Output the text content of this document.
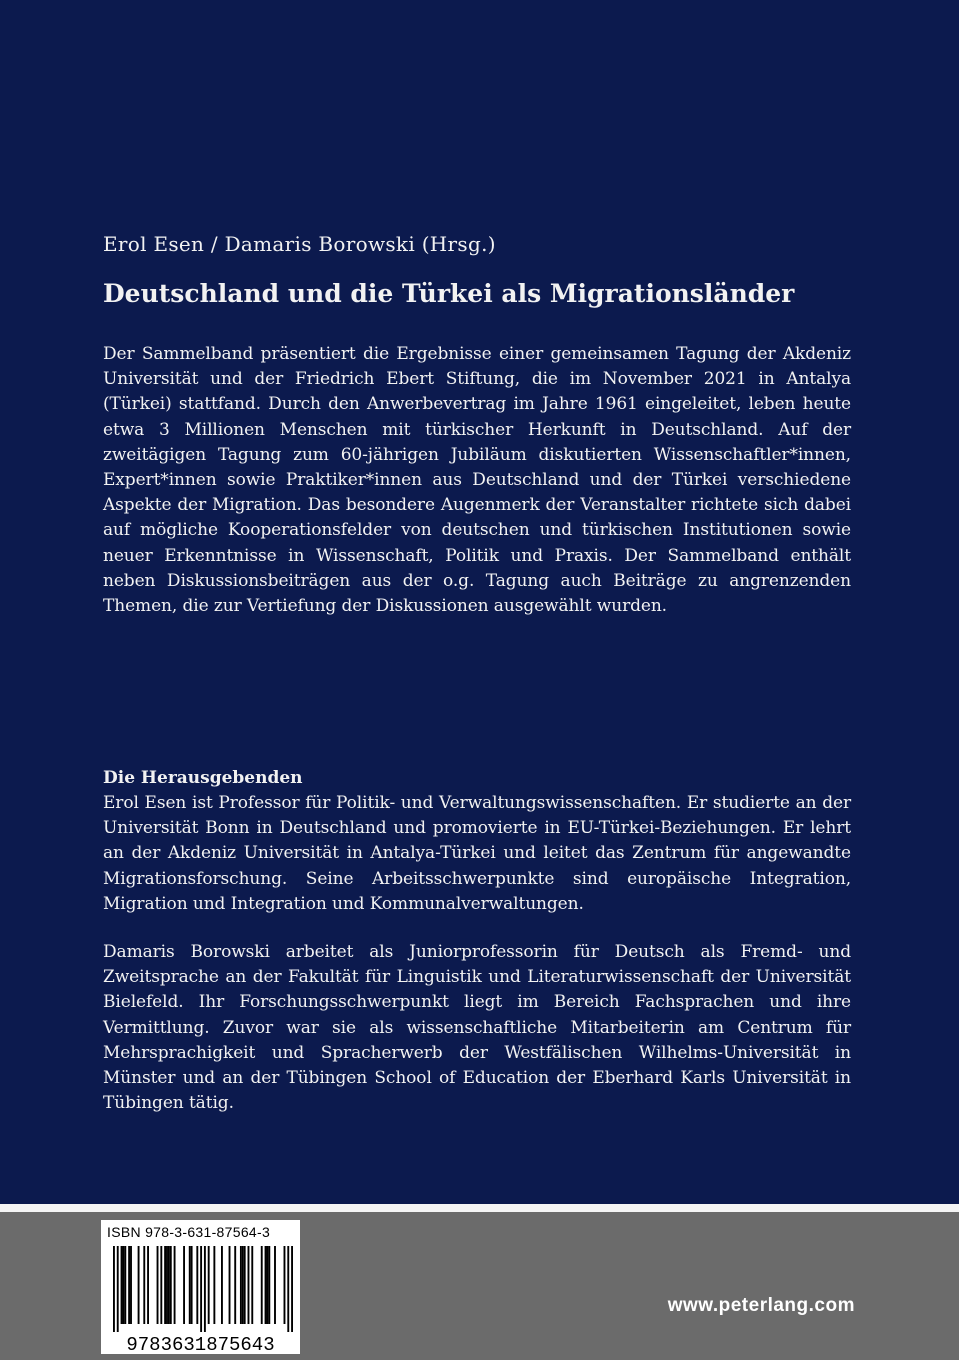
Erol Esen / Damaris Borowski (Hrsg.)
Deutschland und die Türkei als Migrationsländer
Der Sammelband präsentiert die Ergebnisse einer gemeinsamen Tagung der Akdeniz Universität und der Friedrich Ebert Stiftung, die im November 2021 in Antalya (Türkei) stattfand. Durch den Anwerbevertrag im Jahre 1961 eingeleitet, leben heute etwa 3 Millionen Menschen mit türkischer Herkunft in Deutschland. Auf der zweitägigen Tagung zum 60-jährigen Jubiläum diskutierten Wissenschaftler*innen, Expert*innen sowie Praktiker*innen aus Deutschland und der Türkei verschiedene Aspekte der Migration. Das besondere Augenmerk der Veranstalter richtete sich dabei auf mögliche Kooperationsfelder von deutschen und türkischen Institutionen sowie neuer Erkenntnisse in Wissenschaft, Politik und Praxis. Der Sammelband enthält neben Diskussionsbeiträgen aus der o.g. Tagung auch Beiträge zu angrenzenden Themen, die zur Vertiefung der Diskussionen ausgewählt wurden.
Die Herausgebenden
Erol Esen ist Professor für Politik- und Verwaltungswissenschaften. Er studierte an der Universität Bonn in Deutschland und promovierte in EU-Türkei-Beziehungen. Er lehrt an der Akdeniz Universität in Antalya-Türkei und leitet das Zentrum für angewandte Migrationsforschung. Seine Arbeitsschwerpunkte sind europäische Integration, Migration und Integration und Kommunalverwaltungen.
Damaris Borowski arbeitet als Juniorprofessorin für Deutsch als Fremd- und Zweitsprache an der Fakultät für Linguistik und Literaturwissenschaft der Universität Bielefeld. Ihr Forschungsschwerpunkt liegt im Bereich Fachsprachen und ihre Vermittlung. Zuvor war sie als wissenschaftliche Mitarbeiterin am Centrum für Mehrsprachigkeit und Spracherwerb der Westfälischen Wilhelms-Universität in Münster und an der Tübingen School of Education der Eberhard Karls Universität in Tübingen tätig.
ISBN 978-3-631-87564-3
9783631875643
www.peterlang.com
